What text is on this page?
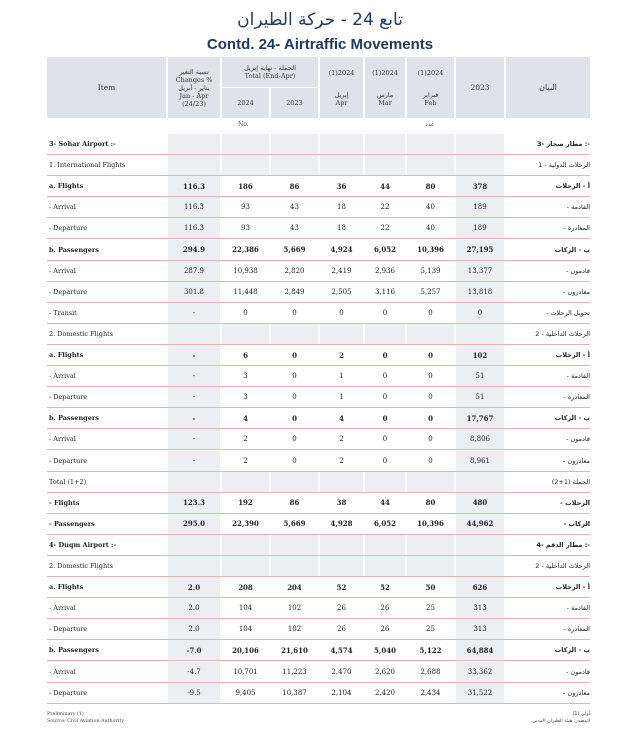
تابع 24 - حركة الطيران
Contd. 24- Airtraffic Movements
Item
نسبة التغير
Changes %
يناير - أبريل
Jan - Apr
(24/23)
الجملة - نهاية إبريل
Total (End-Apr)
2024	2023
(1)2024
إبريل
Apr
(1)2024
مارس
Mar
(1)2024
فبراير
Feb
2023	البيان
No.	عدد
3- Sohar Airport :-	3- مطار صحار :-
1. International Flights	1 - الرحلات الدولية
a. Flights	116.3	186	86	36	44	80	378	أ - الرحلات
- Arrival	116.3	93	43	18	22	40	189	- القادمة
- Departure	116.3	93	43	18	22	40	189	- المغادرة
b. Passengers	294.9	22,386	5,669	4,924	6,052	10,396	27,195	ب - الركاب
- Arrival	287.9	10,938	2,820	2,419	2,936	5,139	13,377	- قادمون
- Departure	301.8	11,448	2,849	2,505	3,116	5,257	13,818	- مغادرون
- Transit	-	0	0	0	0	0	0	- تحويل الرحلات
2. Domestic Flights	2 - الرحلات الداخلية
a. Flights	-	6	0	2	0	0	102	أ - الرحلات
- Arrival	-	3	0	1	0	0	51	- القادمة
- Departure	-	3	0	1	0	0	51	- المغادرة
b. Passengers	-	4	0	4	0	0	17,767	ب - الركاب
- Arrival	-	2	0	2	0	0	8,806	- قادمون
- Departure	-	2	0	2	0	0	8,961	- مغادرون
Total (1+2)	الجملة (1+2)
- Flights	123.3	192	86	38	44	80	480	- الرحلات
- Passengers	295.0	22,390	5,669	4,928	6,052	10,396	44,962	- الركاب
4- Duqm Airport :-	4- مطار الدقم :-
2. Domestic Flights	2 - الرحلات الداخلية
a. Flights	2.0	208	204	52	52	50	626	أ - الرحلات
- Arrival	2.0	104	102	26	26	25	313	- القادمة
- Departure	2.0	104	102	26	26	25	313	- المغادرة
b. Passengers	-7.0	20,106	21,610	4,574	5,040	5,122	64,884	ب - الركاب
- Arrival	-4.7	10,701	11,223	2,470	2,620	2,688	33,362	- قادمون
- Departure	-9.5	9,405	10,387	2,104	2,420	2,434	31,522	- مغادرون
Preliminary (1)
Source: Civil Aviation Authority
(1) أولي
المصدر: هيئة الطيران المدني
